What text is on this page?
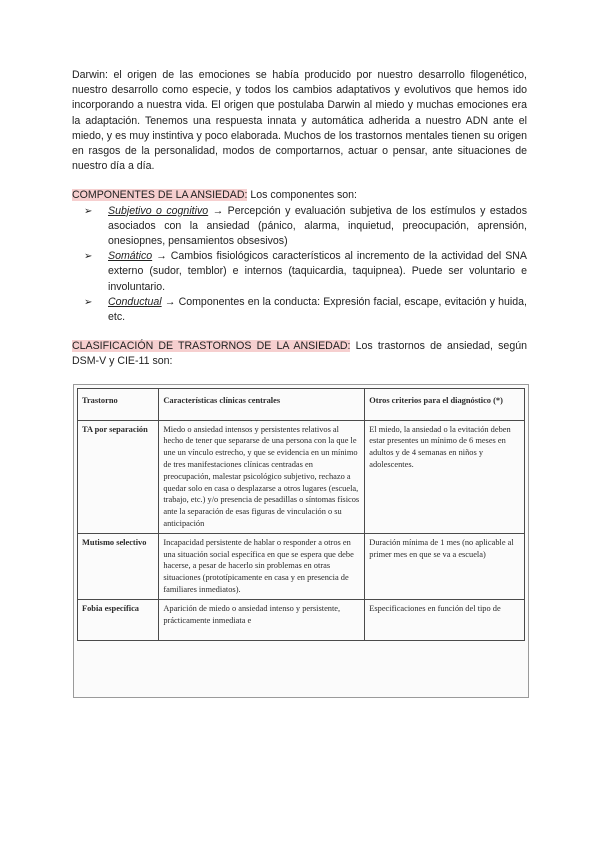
Darwin: el origen de las emociones se había producido por nuestro desarrollo filogenético, nuestro desarrollo como especie, y todos los cambios adaptativos y evolutivos que hemos ido incorporando a nuestra vida. El origen que postulaba Darwin al miedo y muchas emociones era la adaptación. Tenemos una respuesta innata y automática adherida a nuestro ADN ante el miedo, y es muy instintiva y poco elaborada. Muchos de los trastornos mentales tienen su origen en rasgos de la personalidad, modos de comportarnos, actuar o pensar, ante situaciones de nuestro día a día.

COMPONENTES DE LA ANSIEDAD: Los componentes son:

➢ Subjetivo o cognitivo → Percepción y evaluación subjetiva de los estímulos y estados asociados con la ansiedad (pánico, alarma, inquietud, preocupación, aprensión, onesiopnes, pensamientos obsesivos)
➢ Somático → Cambios fisiológicos característicos al incremento de la actividad del SNA externo (sudor, temblor) e internos (taquicardia, taquipnea). Puede ser voluntario e involuntario.
➢ Conductual → Componentes en la conducta: Expresión facial, escape, evitación y huida, etc.

CLASIFICACIÓN DE TRASTORNOS DE LA ANSIEDAD: Los trastornos de ansiedad, según DSM-V y CIE-11 son:

Trastorno	Características clínicas centrales	Otros criterios para el diagnóstico (*)
TA por separación	Miedo o ansiedad intensos y persistentes relativos al hecho de tener que separarse de una persona con la que le une un vínculo estrecho, y que se evidencia en un mínimo de tres manifestaciones clínicas centradas en preocupación, malestar psicológico subjetivo, rechazo a quedar solo en casa o desplazarse a otros lugares (escuela, trabajo, etc.) y/o presencia de pesadillas o síntomas físicos ante la separación de esas figuras de vinculación o su anticipación	El miedo, la ansiedad o la evitación deben estar presentes un mínimo de 6 meses en adultos y de 4 semanas en niños y adolescentes.
Mutismo selectivo	Incapacidad persistente de hablar o responder a otros en una situación social específica en que se espera que debe hacerse, a pesar de hacerlo sin problemas en otras situaciones (prototípicamente en casa y en presencia de familiares inmediatos).	Duración mínima de 1 mes (no aplicable al primer mes en que se va a escuela)
Fobia específica	Aparición de miedo o ansiedad intenso y persistente, prácticamente inmediata e	Especificaciones en función del tipo de
